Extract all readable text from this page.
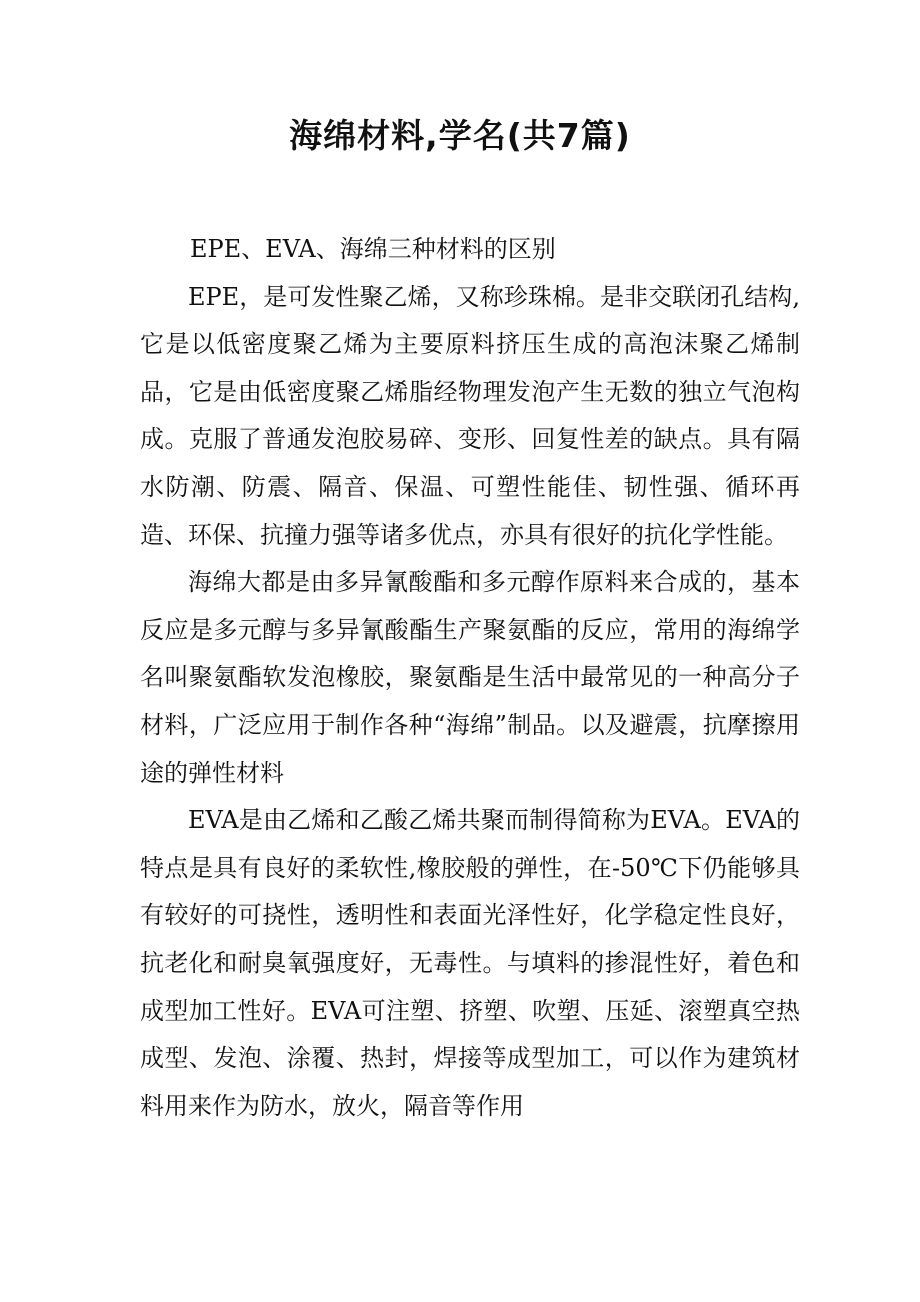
海绵材料,学名(共7篇)

EPE、EVA、海绵三种材料的区别

EPE，是可发性聚乙烯，又称珍珠棉。是非交联闭孔结构,它是以低密度聚乙烯为主要原料挤压生成的高泡沫聚乙烯制品，它是由低密度聚乙烯脂经物理发泡产生无数的独立气泡构成。克服了普通发泡胶易碎、变形、回复性差的缺点。具有隔水防潮、防震、隔音、保温、可塑性能佳、韧性强、循环再造、环保、抗撞力强等诸多优点，亦具有很好的抗化学性能。

海绵大都是由多异氰酸酯和多元醇作原料来合成的，基本反应是多元醇与多异氰酸酯生产聚氨酯的反应，常用的海绵学名叫聚氨酯软发泡橡胶，聚氨酯是生活中最常见的一种高分子材料，广泛应用于制作各种“海绵”制品。以及避震，抗摩擦用途的弹性材料

EVA是由乙烯和乙酸乙烯共聚而制得简称为EVA。EVA的特点是具有良好的柔软性,橡胶般的弹性，在-50℃下仍能够具有较好的可挠性，透明性和表面光泽性好，化学稳定性良好，抗老化和耐臭氧强度好，无毒性。与填料的掺混性好，着色和成型加工性好。EVA可注塑、挤塑、吹塑、压延、滚塑真空热成型、发泡、涂覆、热封，焊接等成型加工，可以作为建筑材料用来作为防水，放火，隔音等作用
